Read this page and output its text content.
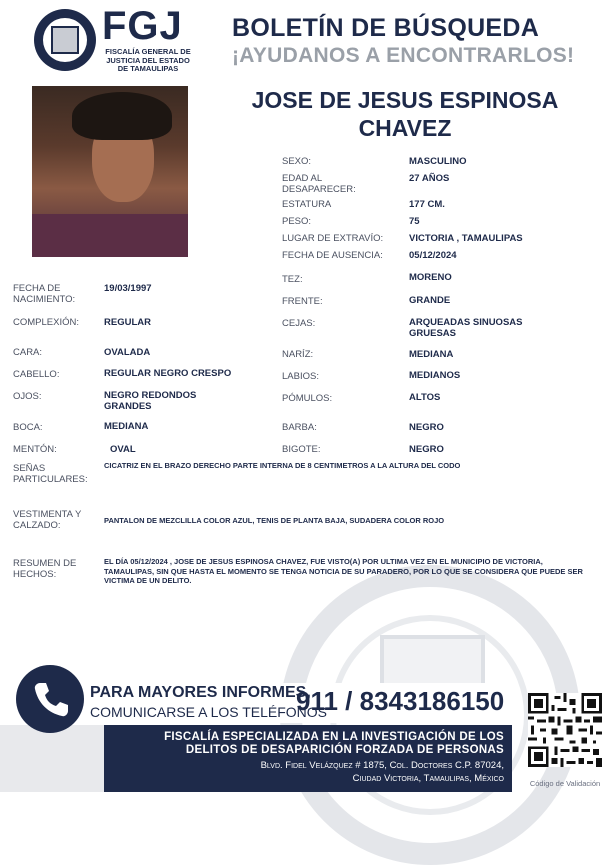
FGJ
FISCALÍA GENERAL DE JUSTICIA DEL ESTADO DE TAMAULIPAS
BOLETÍN DE BÚSQUEDA
¡AYUDANOS A ENCONTRARLOS!
JOSE DE JESUS ESPINOSA
CHAVEZ
SEXO:	MASCULINO
EDAD AL DESAPARECER:
27 AÑOS
ESTATURA	177 CM.
PESO:	75
LUGAR DE EXTRAVÍO:	VICTORIA , TAMAULIPAS
FECHA DE AUSENCIA:	05/12/2024
FECHA DE NACIMIENTO:
19/03/1997
COMPLEXIÓN:	REGULAR
CARA:	OVALADA
CABELLO:	REGULAR NEGRO CRESPO
OJOS:	NEGRO REDONDOS GRANDES
BOCA:	MEDIANA
MENTÓN:	OVAL
TEZ:	MORENO
FRENTE:	GRANDE
CEJAS:	ARQUEADAS SINUOSAS GRUESAS
NARÍZ:	MEDIANA
LABIOS:	MEDIANOS
PÓMULOS:	ALTOS
BARBA:	NEGRO
BIGOTE:	NEGRO
SEÑAS PARTICULARES:
CICATRIZ EN EL BRAZO DERECHO PARTE INTERNA DE 8 CENTIMETROS A LA ALTURA DEL CODO
VESTIMENTA Y CALZADO:	PANTALON DE MEZCLILLA COLOR AZUL, TENIS DE PLANTA BAJA, SUDADERA COLOR ROJO
RESUMEN DE HECHOS:
EL DÍA 05/12/2024 , JOSE DE JESUS ESPINOSA CHAVEZ, FUE VISTO(A) POR ULTIMA VEZ EN EL MUNICIPIO DE VICTORIA, TAMAULIPAS, SIN QUE HASTA EL MOMENTO SE TENGA NOTICIA DE SU PARADERO, POR LO QUE SE CONSIDERA QUE PUEDE SER VICTIMA DE UN DELITO.
PARA MAYORES INFORMES,
COMUNICARSE A LOS TELÉFONOS
911 / 8343186150
FISCALÍA ESPECIALIZADA EN LA INVESTIGACIÓN DE LOS
DELITOS DE DESAPARICIÓN FORZADA DE PERSONAS
Blvd. Fidel Velázquez # 1875, Col. Doctores C.P. 87024,
Ciudad Victoria, Tamaulipas, México	Código de Validación
